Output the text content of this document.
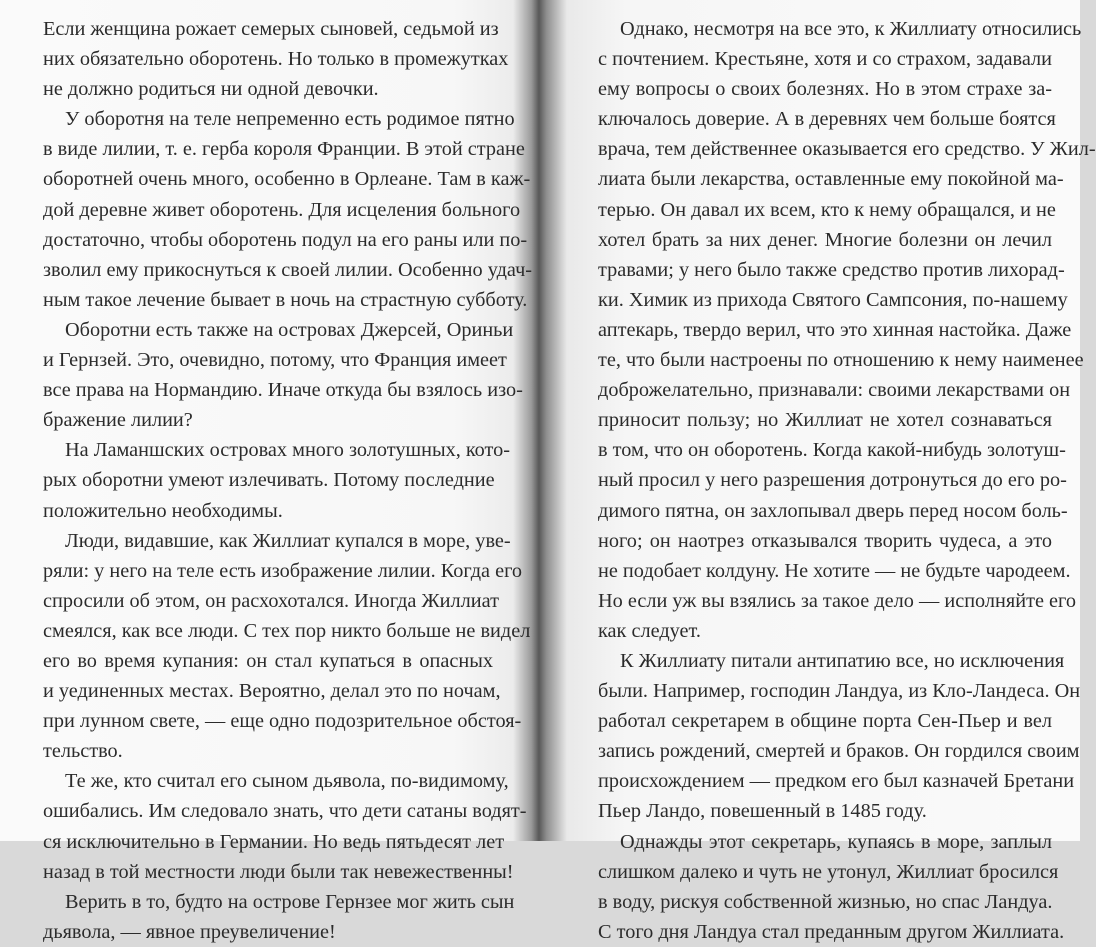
Если женщина рожает семерых сыновей, седьмой из
них обязательно оборотень. Но только в промежутках
не должно родиться ни одной девочки.
У оборотня на теле непременно есть родимое пятно
в виде лилии, т. е. герба короля Франции. В этой стране
оборотней очень много, особенно в Орлеане. Там в каж-
дой деревне живет оборотень. Для исцеления больного
достаточно, чтобы оборотень подул на его раны или по-
зволил ему прикоснуться к своей лилии. Особенно удач-
ным такое лечение бывает в ночь на страстную субботу.
Оборотни есть также на островах Джерсей, Ориньи
и Гернзей. Это, очевидно, потому, что Франция имеет
все права на Нормандию. Иначе откуда бы взялось изо-
бражение лилии?
На Ламаншских островах много золотушных, кото-
рых оборотни умеют излечивать. Потому последние
положительно необходимы.
Люди, видавшие, как Жиллиат купался в море, уве-
ряли: у него на теле есть изображение лилии. Когда его
спросили об этом, он расхохотался. Иногда Жиллиат
смеялся, как все люди. С тех пор никто больше не видел
его во время купания: он стал купаться в опасных
и уединенных местах. Вероятно, делал это по ночам,
при лунном свете, — еще одно подозрительное обстоя-
тельство.
Те же, кто считал его сыном дьявола, по-видимому,
ошибались. Им следовало знать, что дети сатаны водят-
ся исключительно в Германии. Но ведь пятьдесят лет
назад в той местности люди были так невежественны!
Верить в то, будто на острове Гернзее мог жить сын
дьявола, — явное преувеличение!
Однако, несмотря на все это, к Жиллиату относились
с почтением. Крестьяне, хотя и со страхом, задавали
ему вопросы о своих болезнях. Но в этом страхе за-
ключалось доверие. А в деревнях чем больше боятся
врача, тем действеннее оказывается его средство. У Жил-
лиата были лекарства, оставленные ему покойной ма-
терью. Он давал их всем, кто к нему обращался, и не
хотел брать за них денег. Многие болезни он лечил
травами; у него было также средство против лихорад-
ки. Химик из прихода Святого Сампсония, по-нашему
аптекарь, твердо верил, что это хинная настойка. Даже
те, что были настроены по отношению к нему наименее
доброжелательно, признавали: своими лекарствами он
приносит пользу; но Жиллиат не хотел сознаваться
в том, что он оборотень. Когда какой-нибудь золотуш-
ный просил у него разрешения дотронуться до его ро-
димого пятна, он захлопывал дверь перед носом боль-
ного; он наотрез отказывался творить чудеса, а это
не подобает колдуну. Не хотите — не будьте чародеем.
Но если уж вы взялись за такое дело — исполняйте его
как следует.
К Жиллиату питали антипатию все, но исключения
были. Например, господин Ландуа, из Кло-Ландеса. Он
работал секретарем в общине порта Сен-Пьер и вел
запись рождений, смертей и браков. Он гордился своим
происхождением — предком его был казначей Бретани
Пьер Ландо, повешенный в 1485 году.
Однажды этот секретарь, купаясь в море, заплыл
слишком далеко и чуть не утонул, Жиллиат бросился
в воду, рискуя собственной жизнью, но спас Ландуа.
С того дня Ландуа стал преданным другом Жиллиата.
